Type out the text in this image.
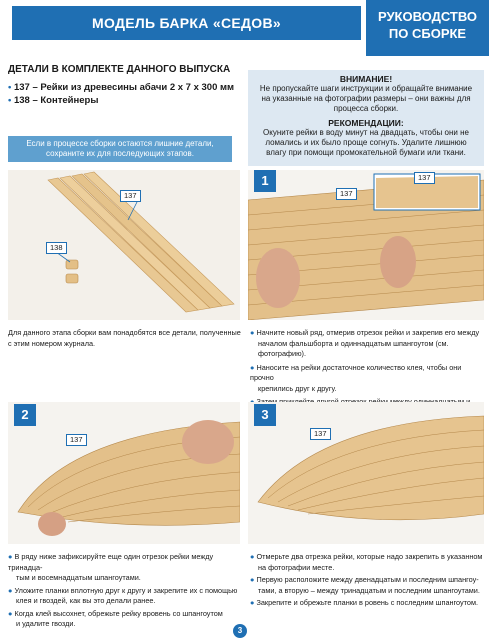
МОДЕЛЬ БАРКА «СЕДОВ»	РУКОВОДСТВО
ПО СБОРКЕ
ДЕТАЛИ В КОМПЛЕКТЕ ДАННОГО ВЫПУСКА
• 137 – Рейки из древесины абачи 2 х 7 х 300 мм
• 138 – Контейнеры
Если в процессе сборки остаются лишние детали,
сохраните их для последующих этапов.
ВНИМАНИЕ!
Не пропускайте шаги инструкции и обращайте внимание
на указанные на фотографии размеры – они важны для
процесса сборки.
РЕКОМЕНДАЦИИ:
Окуните рейки в воду минут на двадцать, чтобы они не
ломались и их было проще согнуть. Удалите лишнюю
влагу при помощи промокательной бумаги или ткани.
137
138
Для данного этапа сборки вам понадобятся все детали, полученные
с этим номером журнала.
1
137
137
● Начните новый ряд, отмерив отрезок рейки и закрепив его между
началом фальшборта и одиннадцатым шпангоутом (см. фотографию).
● Наносите на рейки достаточное количество клея, чтобы они прочно
крепились друг к другу.
2
137
● В ряду ниже зафиксируйте еще один отрезок рейки между тринадца-
тым и восемнадцатым шпангоутами.
● Уложите планки вплотную друг к другу и закрепите их с помощью
клея и гвоздей, как вы это делали ранее.
● Когда клей высохнет, обрежьте рейку вровень со шпангоутом
и удалите гвозди.
3
137
● Отмерьте два отрезка рейки, которые надо закрепить в указанном
на фотографии месте.
● Первую расположите между двенадцатым и последним шпангоу-
тами, а вторую – между тринадцатым и последним шпангоутами.
● Закрепите и обрежьте планки в ровень с последним шпангоутом.
3
